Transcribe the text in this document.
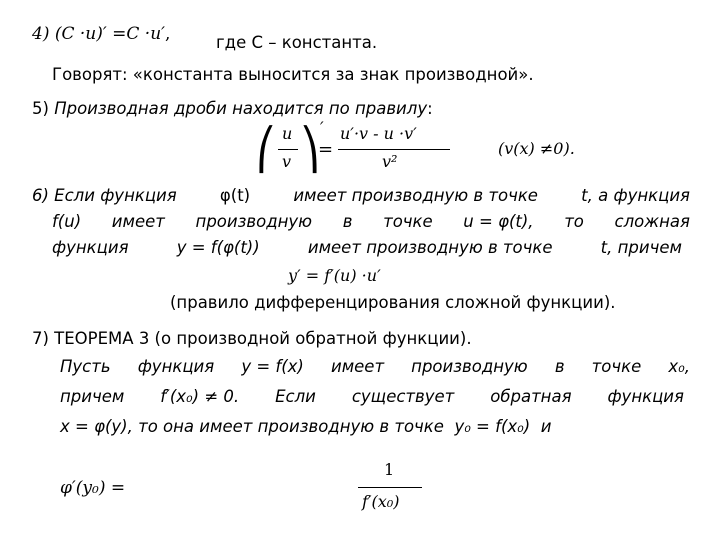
4) (C ·u)′ =C ·u′,	где C – константа.
Говорят: «константа выносится за знак производной».
5) Производная дроби находится по правилу:
⎛ u
v ⎞ ′
=
u′·v - u ·v′
v²
(v(x) ≠0).
6) Если функция	φ(t)	имеет производную в точке	t, а функция
f(u) имеет производную в точке u = φ(t), то сложная
функция	y = f(φ(t))	имеет производную в точке	t, причем
y′ = f′(u) ·u′
(правило дифференцирования сложной функции).
7) ТЕОРЕМА 3 (о производной обратной функции).
Пусть функция y = f(x) имеет производную в точке x₀,
причем f′(x₀) ≠ 0. Если существует обратная функция
x = φ(y), то она имеет производную в точке y₀ = f(x₀) и
φ′(y₀) =
1
f′(x₀)
